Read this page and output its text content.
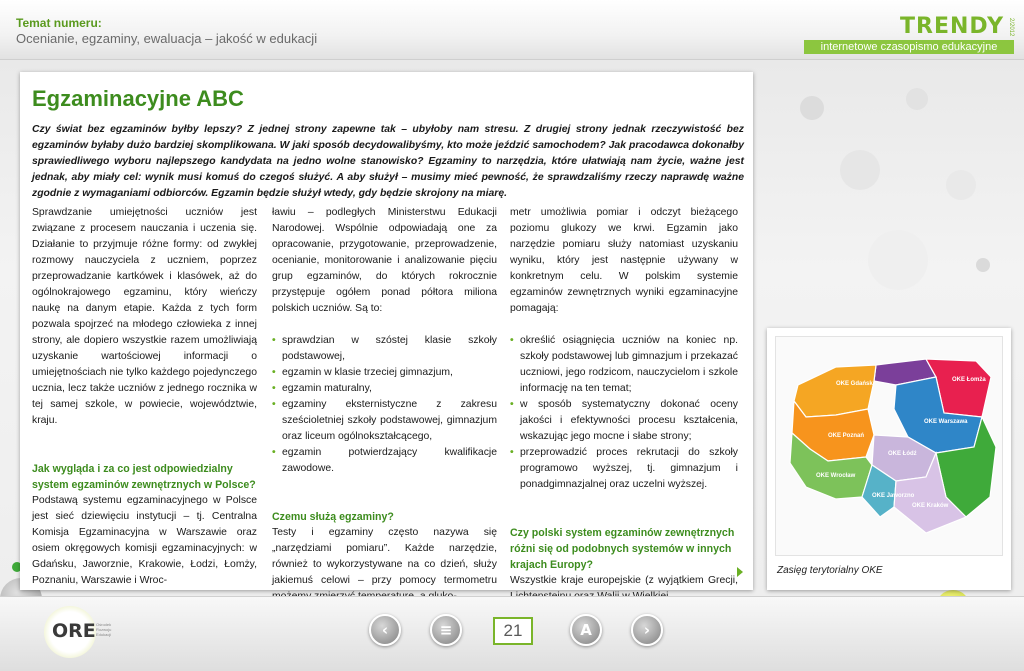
Temat numeru:
Ocenianie, egzaminy, ewaluacja – jakość w edukacji	TRENDY 2/2012
internetowe czasopismo edukacyjne
Egzaminacyjne ABC
Czy świat bez egzaminów byłby lepszy? Z jednej strony zapewne tak – ubyłoby nam stresu. Z drugiej strony jednak rzeczywistość bez egzaminów byłaby dużo bardziej skomplikowana. W jaki sposób decydowalibyśmy, kto może jeździć samochodem? Jak pracodawca dokonałby sprawiedliwego wyboru najlepszego kandydata na jedno wolne stanowisko? Egzaminy to narzędzia, które ułatwiają nam życie, ważne jest jednak, aby miały cel: wynik musi komuś do czegoś służyć. A aby służył – musimy mieć pewność, że sprawdzaliśmy rzeczy naprawdę ważne zgodnie z wymaganiami odbiorców. Egzamin będzie służył wtedy, gdy będzie skrojony na miarę.

Sprawdzanie umiejętności uczniów jest związane z procesem nauczania i uczenia się. Działanie to przyjmuje różne formy: od zwykłej rozmowy nauczyciela z uczniem, poprzez przeprowadzanie kartkówek i klasówek, aż do ogólnokrajowego egzaminu, który wieńczy naukę na danym etapie. Każda z tych form pozwala spojrzeć na młodego człowieka z innej strony, ale dopiero wszystkie razem umożliwiają uzyskanie wartościowej informacji o umiejętnościach nie tylko każdego pojedynczego ucznia, lecz także uczniów z jednego rocznika w tej samej szkole, w powiecie, województwie, kraju.

Jak wygląda i za co jest odpowiedzialny system egzaminów zewnętrznych w Polsce?

Podstawą systemu egzaminacyjnego w Polsce jest sieć dziewięciu instytucji – tj. Centralna Komisja Egzaminacyjna w Warszawie oraz osiem okręgowych komisji egzaminacyjnych: w Gdańsku, Jaworznie, Krakowie, Łodzi, Łomży, Poznaniu, Warszawie i Wroc-

ławiu – podległych Ministerstwu Edukacji Narodowej. Wspólnie odpowiadają one za opracowanie, przygotowanie, przeprowadzenie, ocenianie, monitorowanie i analizowanie pięciu grup egzaminów, do których rokrocznie przystępuje ogółem ponad półtora miliona polskich uczniów. Są to:

• sprawdzian w szóstej klasie szkoły podstawowej,
• egzamin w klasie trzeciej gimnazjum,
• egzamin maturalny,
• egzaminy eksternistyczne z zakresu sześcioletniej szkoły podstawowej, gimnazjum oraz liceum ogólnokształcącego,
• egzamin potwierdzający kwalifikacje zawodowe.
Czemu służą egzaminy?

Testy i egzaminy często nazywa się „narzędziami pomiaru”. Każde narzędzie, również to wykorzystywane na co dzień, służy jakiemuś celowi – przy pomocy termometru

metr umożliwia pomiar i odczyt bieżącego poziomu glukozy we krwi. Egzamin jako narzędzie pomiaru służy natomiast uzyskaniu wyniku, który jest następnie używany w konkretnym celu. W polskim systemie egzaminów zewnętrznych wyniki egzaminacyjne pomagają:

• określić osiągnięcia uczniów na koniec np. szkoły podstawowej lub gimnazjum i przekazać uczniowi, jego rodzicom, nauczycielom i szkole informację na ten temat;
• w sposób systematyczny dokonać oceny jakości i efektywności procesu kształcenia, wskazując jego mocne i słabe strony;
• przeprowadzić proces rekrutacji do szkoły programowo wyższej, tj. gimnazjum i ponadgimnazjalnej oraz uczelni wyższej.
Czy polski system egzaminów zewnętrznych różni się od podobnych systemów w innych krajach Europy?

Wszystkie kraje europejskie (z wyjątkiem Grecji,

OKE Gdańsk
OKE Łomża
OKE Poznań
OKE Warszawa
OKE Łódź
OKE Wrocław
OKE Jaworzno
OKE Kraków
Zasięg terytorialny OKE
ORE Ośrodek Rozwoju Edukacji	‹	≡	21	A	›
